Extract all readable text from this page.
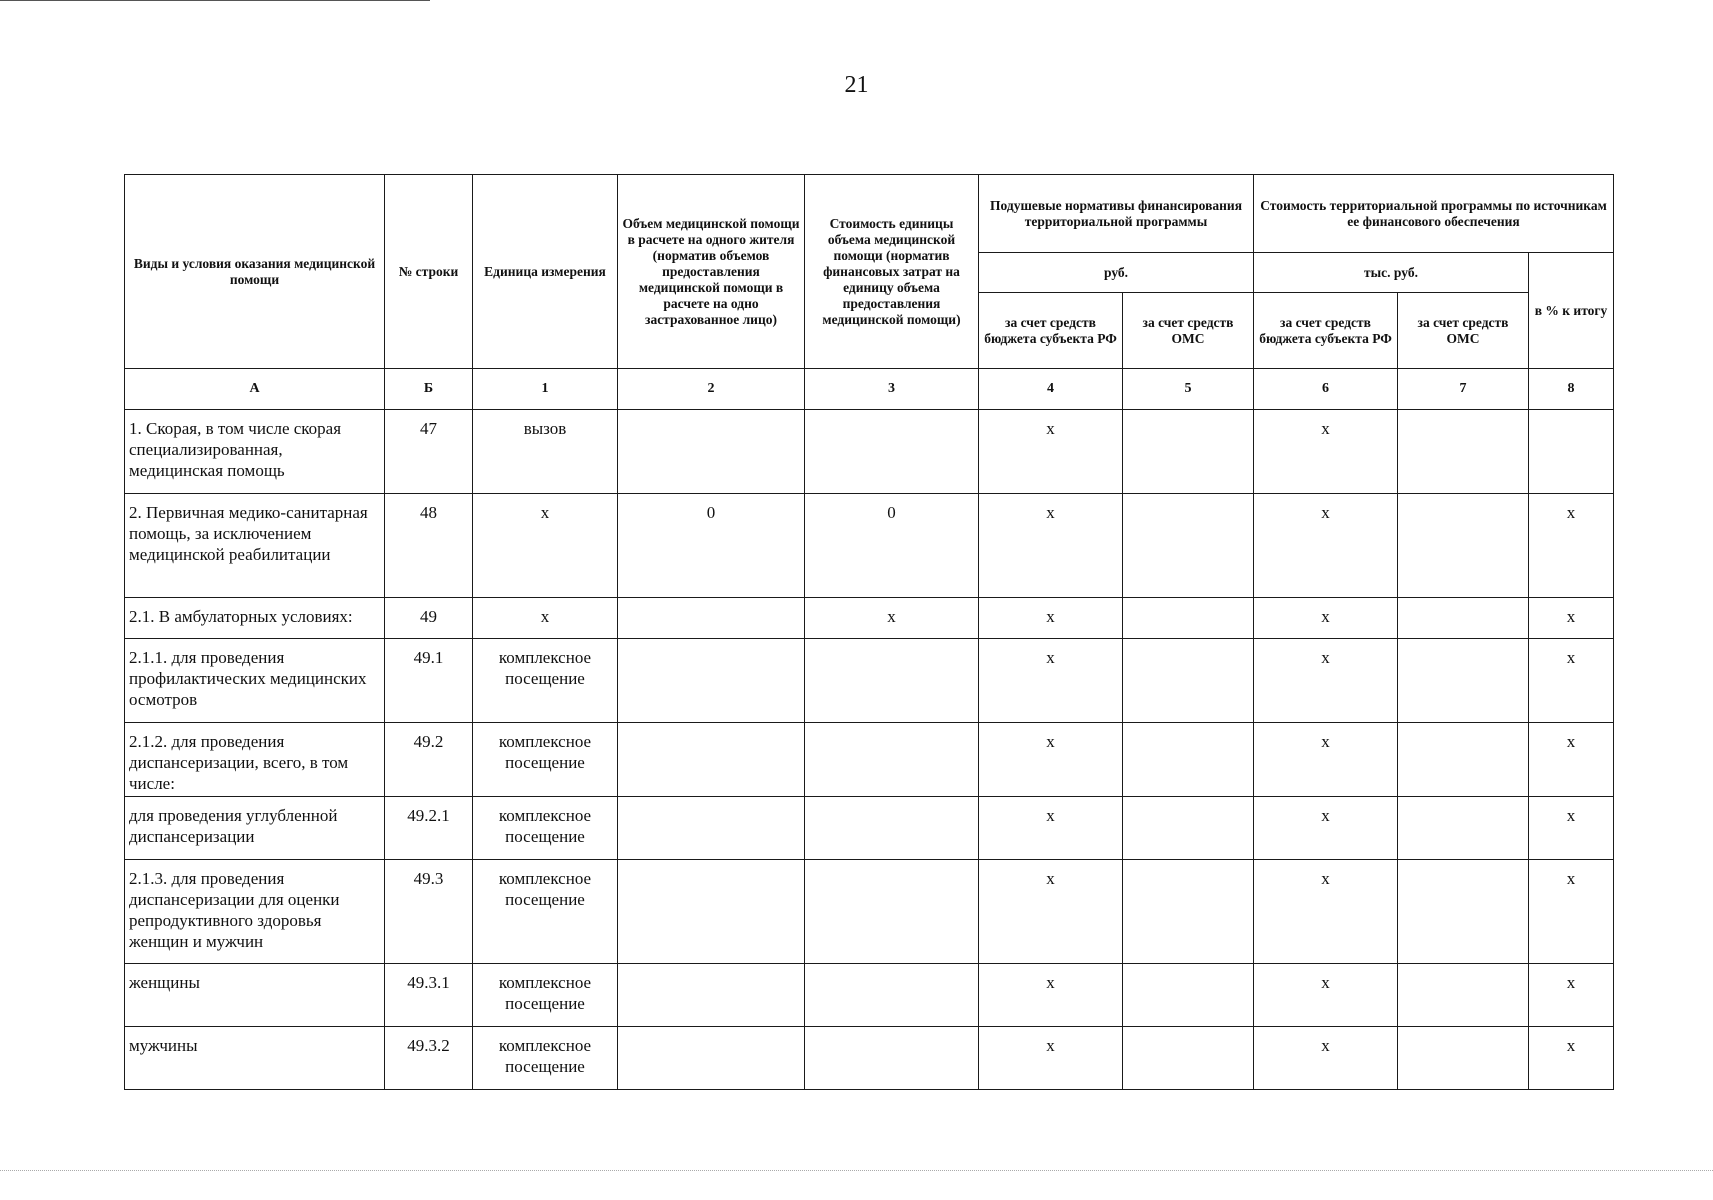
21
Виды и условия оказания медицинской помощи	№ строки	Единица измерения	Объем медицинской помощи в расчете на одного жителя (норматив объемов предоставления медицинской помощи в расчете на одно застрахованное лицо)	Стоимость единицы объема медицинской помощи (норматив финансовых затрат на единицу объема предоставления медицинской помощи)	Подушевые нормативы финансирования территориальной программы		Стоимость территориальной программы по источникам ее финансового обеспечения		
					руб.		тыс. руб.		в % к итогу
					за счет средств бюджета субъекта РФ	за счет средств ОМС	за счет средств бюджета субъекта РФ	за счет средств ОМС	
А	Б	1	2	3	4	5	6	7	8
1. Скорая, в том числе скорая специализированная, медицинская помощь	47	вызов			х		х		
2. Первичная медико-санитарная помощь, за исключением медицинской реабилитации	48	х	0	0	х		х		х
2.1. В амбулаторных условиях:	49	х		х	х		х		х
2.1.1. для проведения профилактических медицинских осмотров	49.1	комплексное посещение			х		х		х
2.1.2. для проведения диспансеризации, всего, в том числе:	49.2	комплексное посещение			х		х		х
для проведения углубленной диспансеризации	49.2.1	комплексное посещение			х		х		х
2.1.3. для проведения диспансеризации для оценки репродуктивного здоровья женщин и мужчин	49.3	комплексное посещение			х		х		х
женщины	49.3.1	комплексное посещение			х		х		х
мужчины	49.3.2	комплексное посещение			х		х		х
